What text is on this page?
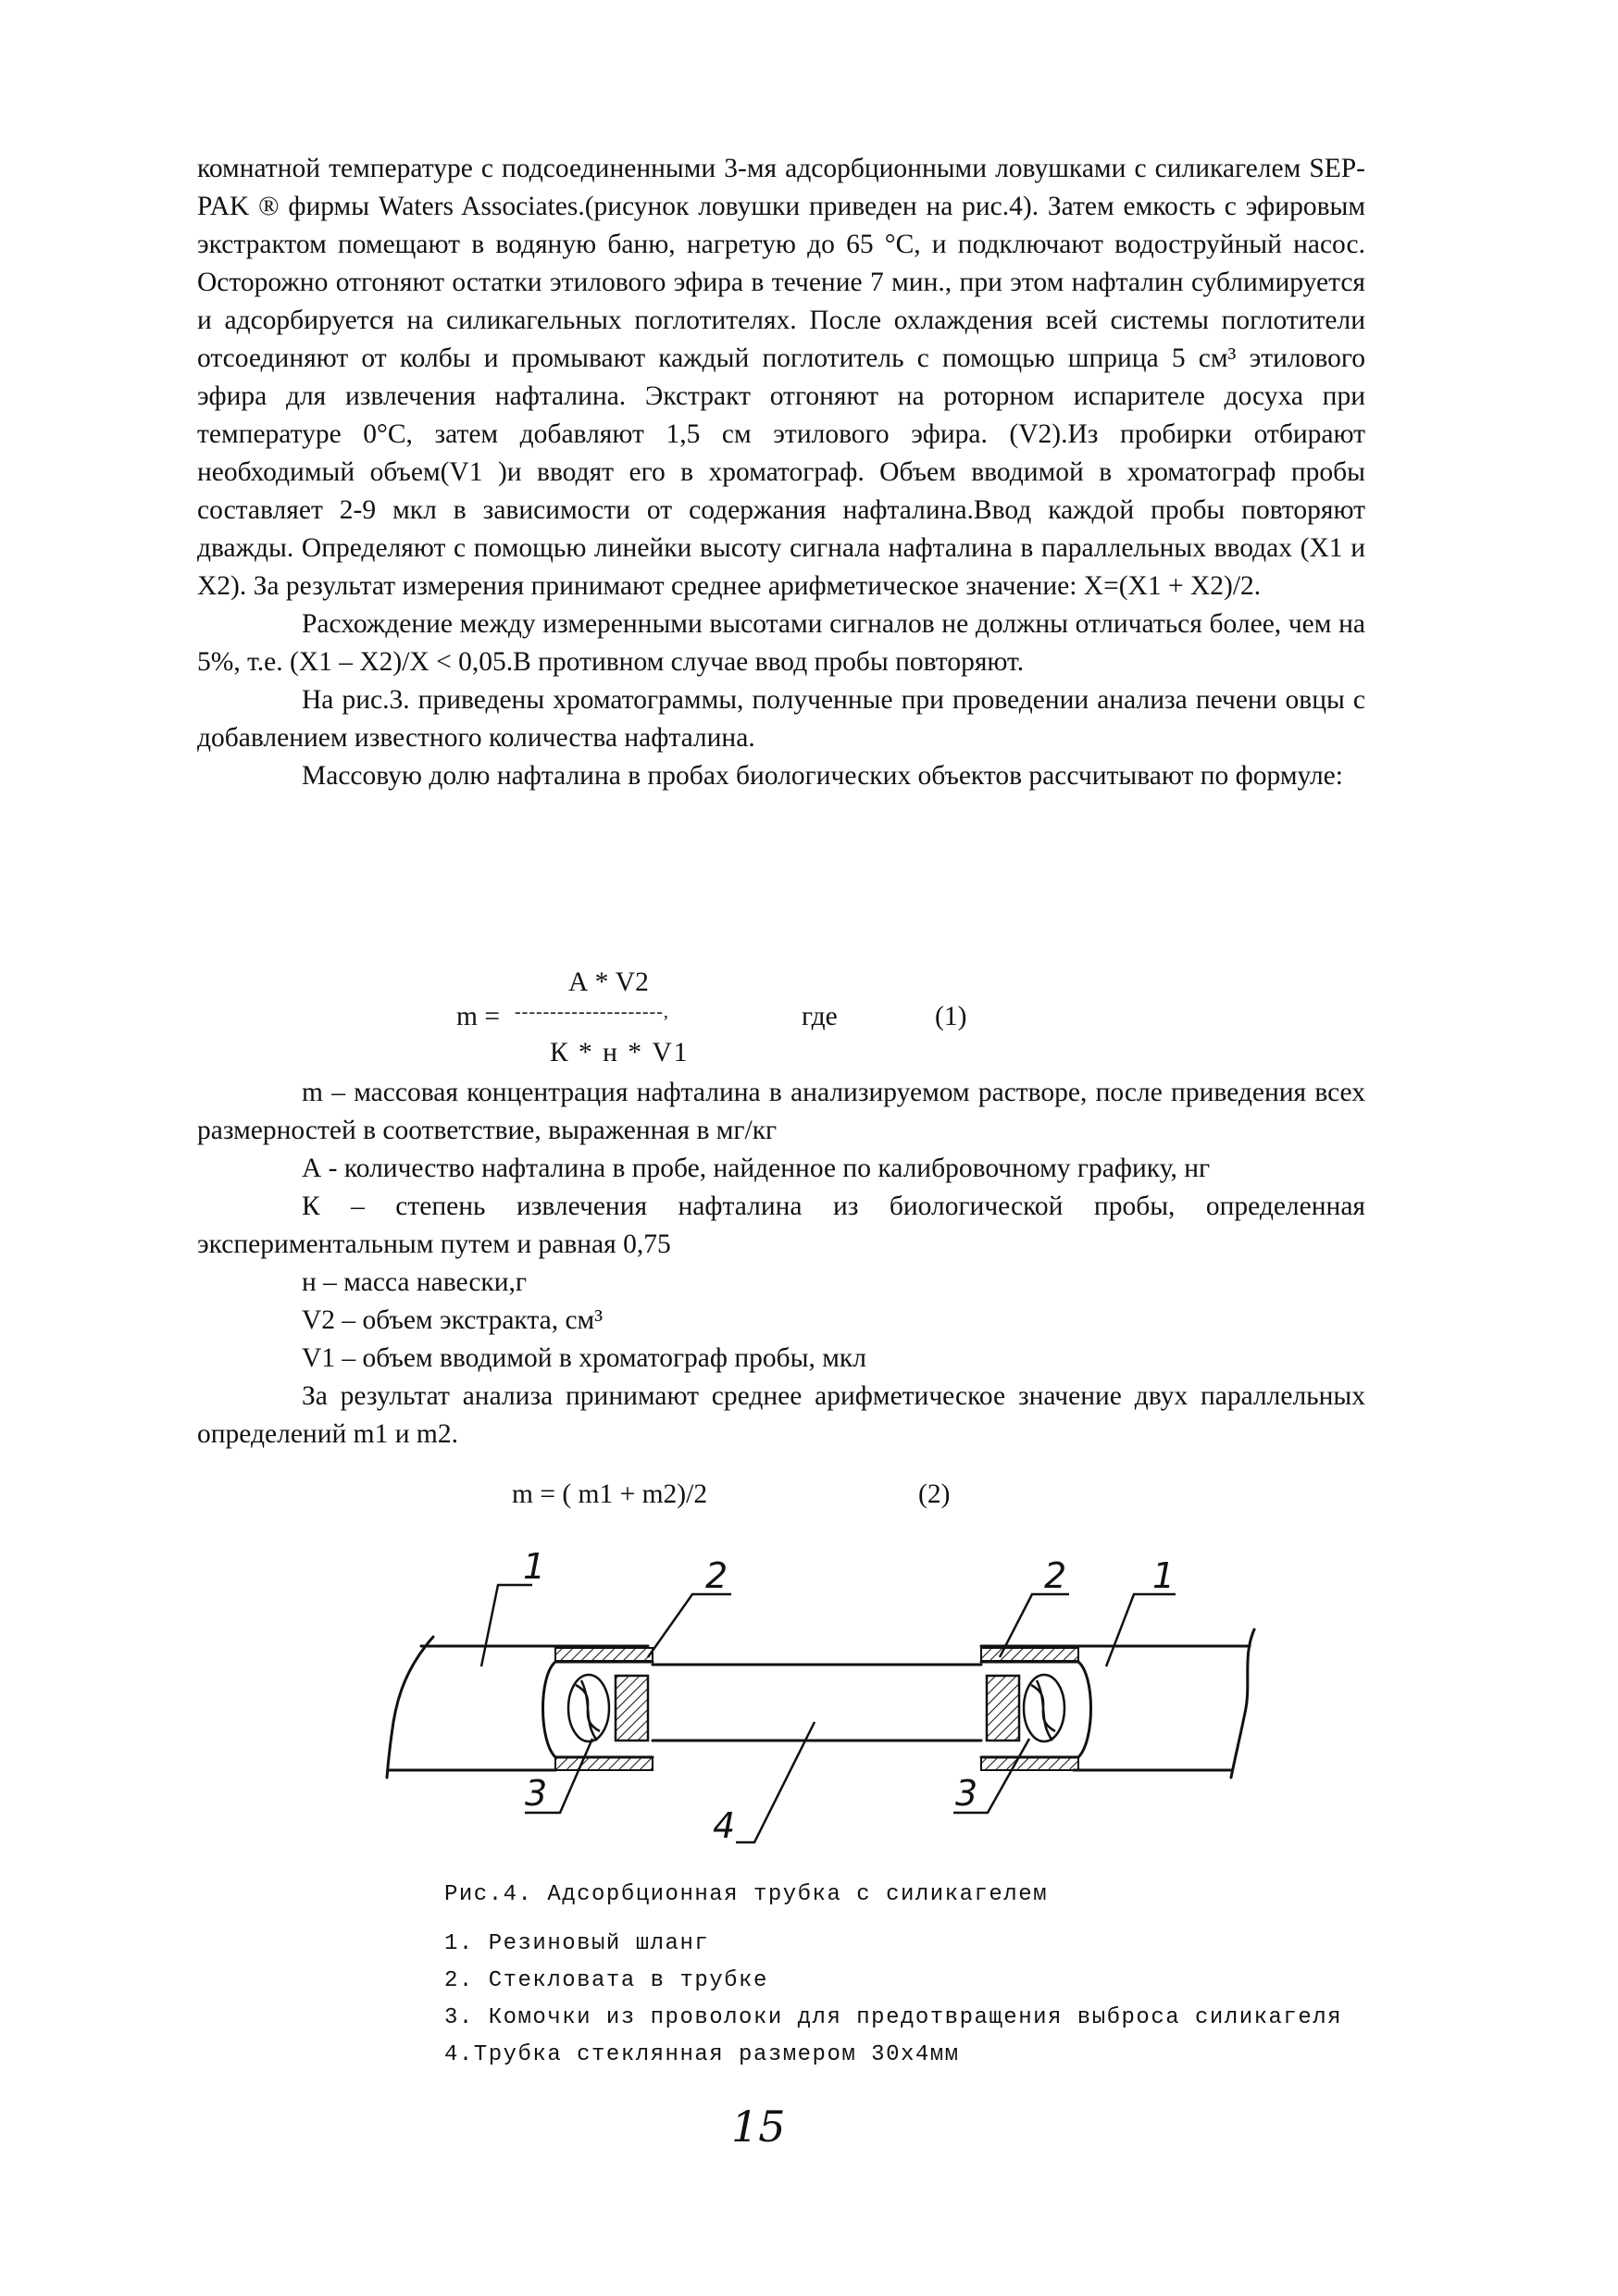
комнатной температуре с подсоединенными 3-мя адсорбционными ловушками с силикагелем SEP-PAK ® фирмы Waters Associates.(рисунок ловушки приведен на рис.4). Затем емкость с эфировым экстрактом помещают в водяную баню, нагретую до 65 °С, и подключают водоструйный насос. Осторожно отгоняют остатки этилового эфира в течение 7 мин., при этом нафталин сублимируется и адсорбируется на силикагельных поглотителях. После охлаждения всей системы поглотители отсоединяют от колбы и промывают каждый поглотитель с помощью шприца 5 см³ этилового эфира для извлечения нафталина. Экстракт отгоняют на роторном испарителе досуха при температуре 0°С, затем добавляют 1,5 см этилового эфира. (V2).Из пробирки отбирают необходимый объем(V1 )и вводят его в хроматограф. Объем вводимой в хроматограф пробы составляет 2-9 мкл в зависимости от содержания нафталина.Ввод каждой пробы повторяют дважды. Определяют с помощью линейки высоту сигнала нафталина в параллельных вводах (Х1 и Х2). За результат измерения принимают среднее арифметическое значение: Х=(Х1 + Х2)/2.

Расхождение между измеренными высотами сигналов не должны отличаться более, чем на 5%, т.е. (Х1 – Х2)/Х < 0,05.В противном случае ввод пробы повторяют.

На рис.3. приведены хроматограммы, полученные при проведении анализа печени овцы с добавлением известного количества нафталина.

Массовую долю нафталина в пробах биологических объектов рассчитывают по формуле:

А * V2
m = ---------------------,	где	(1)
К * н * V1

m – массовая концентрация нафталина в анализируемом растворе, после приведения всех размерностей в соответствие, выраженная в мг/кг

А - количество нафталина в пробе, найденное по калибровочному графику, нг

К – степень извлечения нафталина из биологической пробы, определенная экспериментальным путем и равная 0,75

н – масса навески,г

V2 – объем экстракта, см³

V1 – объем вводимой в хроматограф пробы, мкл

За результат анализа принимают среднее арифметическое значение двух параллельных определений m1 и m2.

m = ( m1 + m2)/2	(2)
1	2	2 1
3
4
3
Рис.4. Адсорбционная трубка с силикагелем
1. Резиновый шланг
2. Стекловата в трубке
3. Комочки из проволоки для предотвращения выброса силикагеля
4.Трубка стеклянная размером 30х4мм
15
